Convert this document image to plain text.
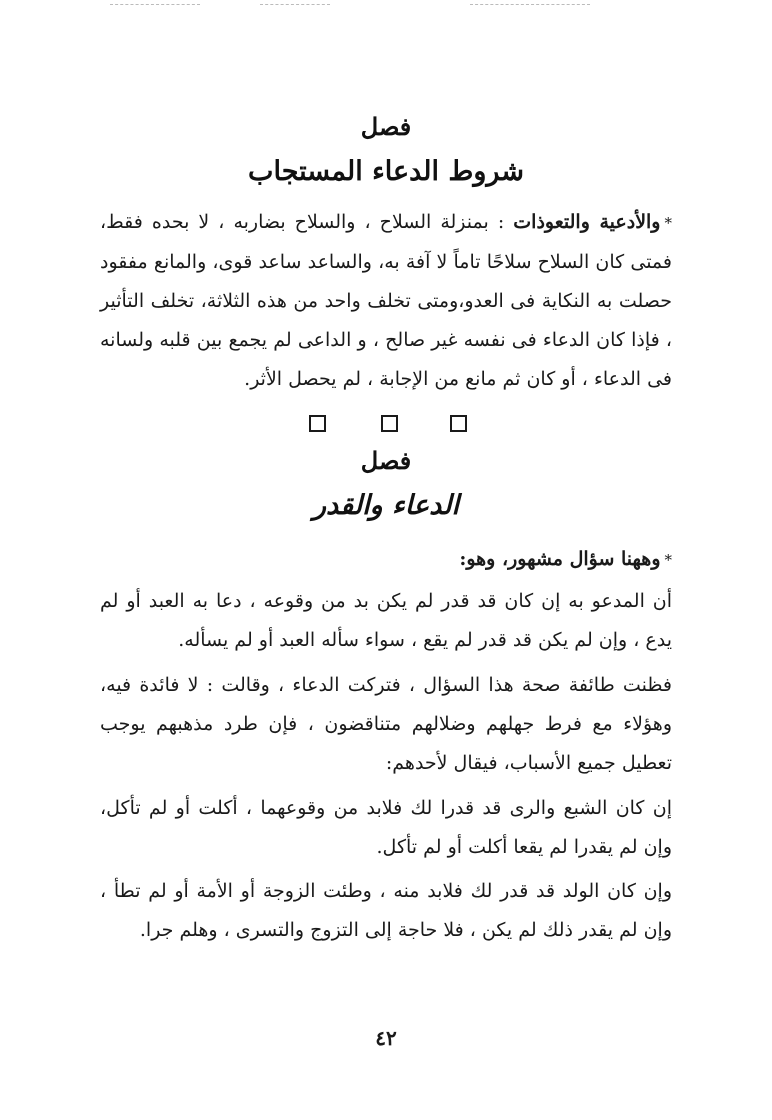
فصل
شروط الدعاء المستجاب

*والأدعية والتعوذات : بمنزلة السلاح ، والسلاح بضاربه ، لا بحده فقط، فمتى كان السلاح سلاحًا تاماً لا آفة به، والساعد ساعد قوى، والمانع مفقود حصلت به النكاية فى العدو،ومتى تخلف واحد من هذه الثلاثة، تخلف التأثير ، فإذا كان الدعاء فى نفسه غير صالح ، و الداعى لم يجمع بين قلبه ولسانه فى الدعاء ، أو كان ثم مانع من الإجابة ، لم يحصل الأثر.

فصل
الدعاء والقدر

*وههنا سؤال مشهور، وهو:

أن المدعو به إن كان قد قدر لم يكن بد من وقوعه ، دعا به العبد أو لم يدع ، وإن لم يكن قد قدر لم يقع ، سواء سأله العبد أو لم يسأله.

فظنت طائفة صحة هذا السؤال ، فتركت الدعاء ، وقالت : لا فائدة فيه، وهؤلاء مع فرط جهلهم وضلالهم متناقضون ، فإن طرد مذهبهم يوجب تعطيل جميع الأسباب، فيقال لأحدهم:

إن كان الشبع والرى قد قدرا لك فلابد من وقوعهما ، أكلت أو لم تأكل، وإن لم يقدرا لم يقعا أكلت أو لم تأكل.

وإن كان الولد قد قدر لك فلابد منه ، وطئت الزوجة أو الأمة أو لم تطأ ، وإن لم يقدر ذلك لم يكن ، فلا حاجة إلى التزوج والتسرى ، وهلم جرا.

٤٢
